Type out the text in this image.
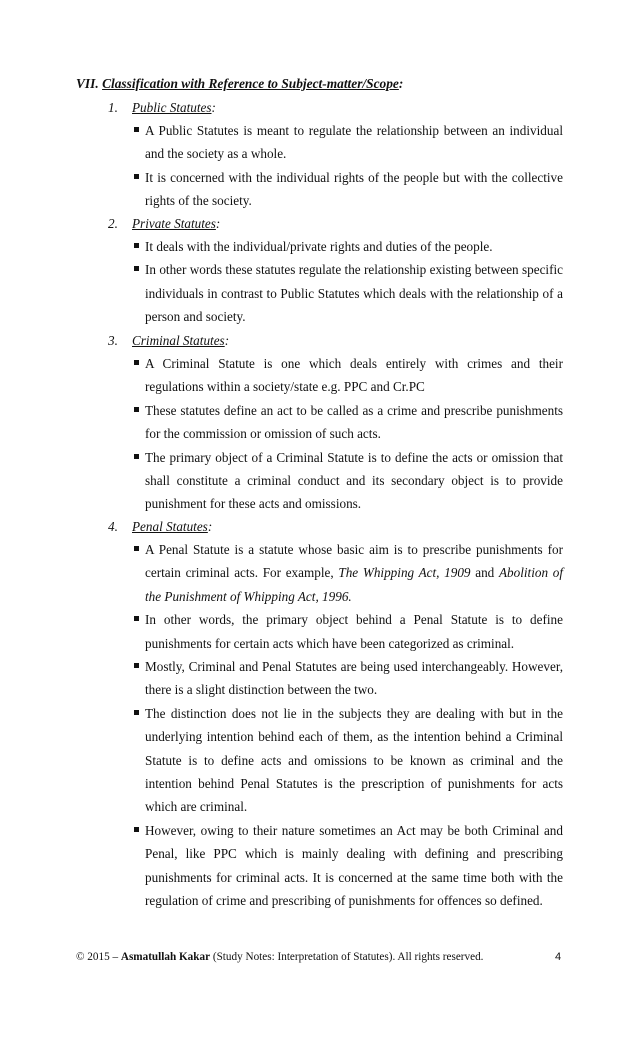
VII. Classification with Reference to Subject-matter/Scope:
1. Public Statutes:
A Public Statutes is meant to regulate the relationship between an individual and the society as a whole.
It is concerned with the individual rights of the people but with the collective rights of the society.
2. Private Statutes:
It deals with the individual/private rights and duties of the people.
In other words these statutes regulate the relationship existing between specific individuals in contrast to Public Statutes which deals with the relationship of a person and society.
3. Criminal Statutes:
A Criminal Statute is one which deals entirely with crimes and their regulations within a society/state e.g. PPC and Cr.PC
These statutes define an act to be called as a crime and prescribe punishments for the commission or omission of such acts.
The primary object of a Criminal Statute is to define the acts or omission that shall constitute a criminal conduct and its secondary object is to provide punishment for these acts and omissions.
4. Penal Statutes:
A Penal Statute is a statute whose basic aim is to prescribe punishments for certain criminal acts. For example, The Whipping Act, 1909 and Abolition of the Punishment of Whipping Act, 1996.
In other words, the primary object behind a Penal Statute is to define punishments for certain acts which have been categorized as criminal.
Mostly, Criminal and Penal Statutes are being used interchangeably. However, there is a slight distinction between the two.
The distinction does not lie in the subjects they are dealing with but in the underlying intention behind each of them, as the intention behind a Criminal Statute is to define acts and omissions to be known as criminal and the intention behind Penal Statutes is the prescription of punishments for acts which are criminal.
However, owing to their nature sometimes an Act may be both Criminal and Penal, like PPC which is mainly dealing with defining and prescribing punishments for criminal acts. It is concerned at the same time both with the regulation of crime and prescribing of punishments for offences so defined.
© 2015 – Asmatullah Kakar (Study Notes: Interpretation of Statutes). All rights reserved.	4
